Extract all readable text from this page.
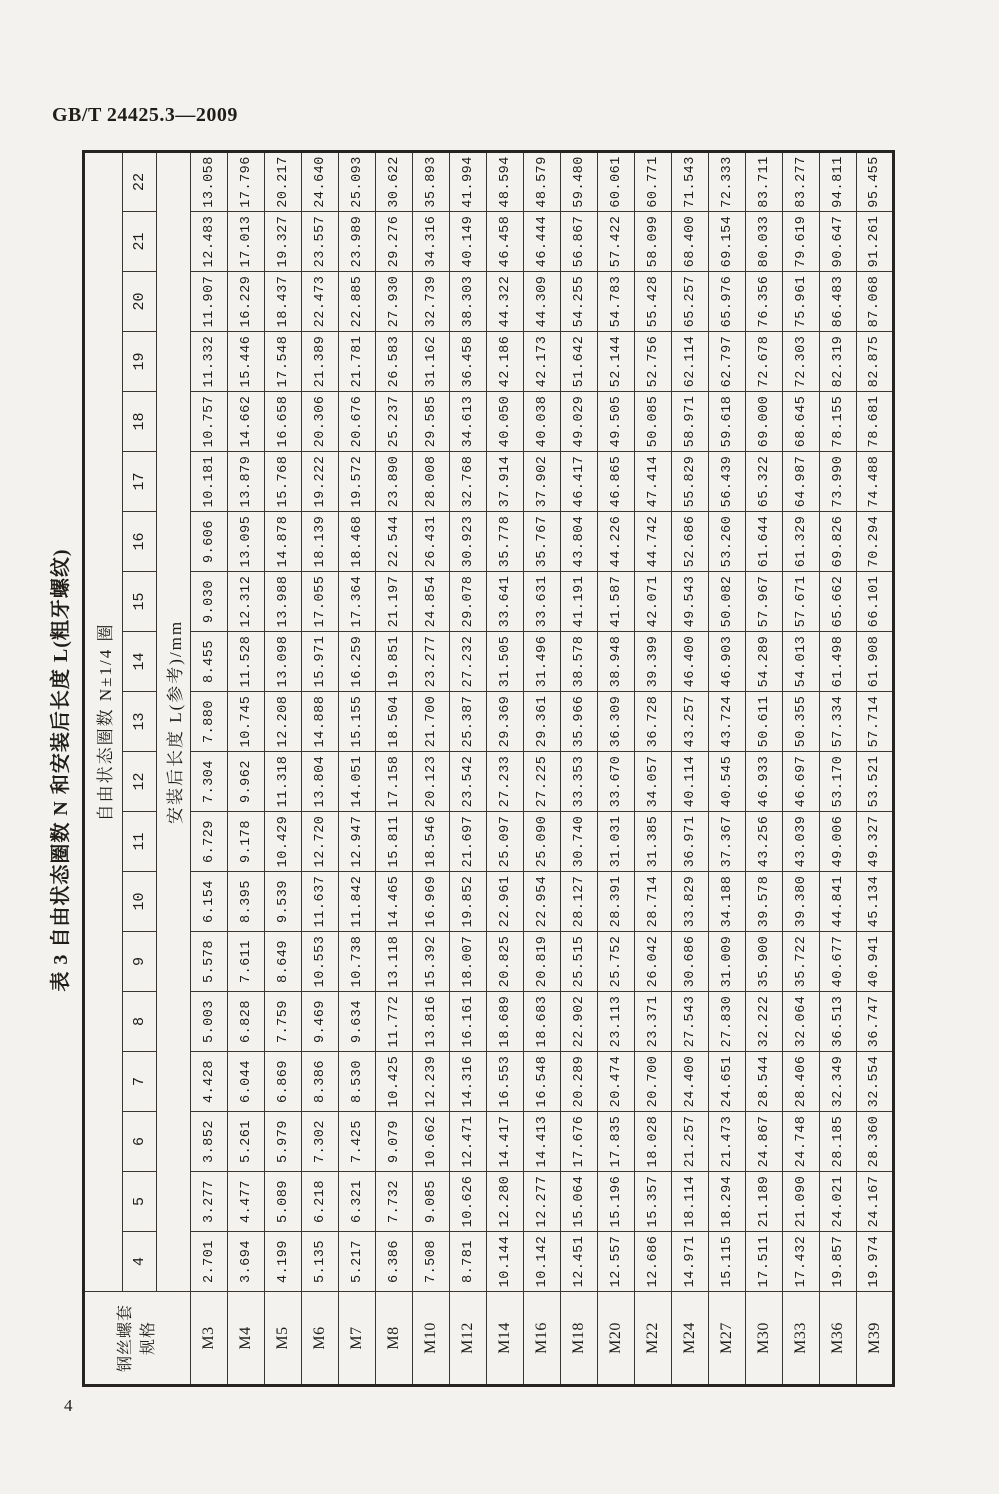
GB/T 24425.3—2009
表 3 自由状态圈数 N 和安装后长度 L(粗牙螺纹)
钢丝螺套 规格	自由状态圈数 N±1/4 圈																		
	4	5	6	7	8	9	10	11	12	13	14	15	16	17	18	19	20	21	22
	安装后长度 L(参考)/mm																		
M3	2.701	3.277	3.852	4.428	5.003	5.578	6.154	6.729	7.304	7.880	8.455	9.030	9.606	10.181	10.757	11.332	11.907	12.483	13.058
M4	3.694	4.477	5.261	6.044	6.828	7.611	8.395	9.178	9.962	10.745	11.528	12.312	13.095	13.879	14.662	15.446	16.229	17.013	17.796
M5	4.199	5.089	5.979	6.869	7.759	8.649	9.539	10.429	11.318	12.208	13.098	13.988	14.878	15.768	16.658	17.548	18.437	19.327	20.217
M6	5.135	6.218	7.302	8.386	9.469	10.553	11.637	12.720	13.804	14.888	15.971	17.055	18.139	19.222	20.306	21.389	22.473	23.557	24.640
M7	5.217	6.321	7.425	8.530	9.634	10.738	11.842	12.947	14.051	15.155	16.259	17.364	18.468	19.572	20.676	21.781	22.885	23.989	25.093
M8	6.386	7.732	9.079	10.425	11.772	13.118	14.465	15.811	17.158	18.504	19.851	21.197	22.544	23.890	25.237	26.583	27.930	29.276	30.622
M10	7.508	9.085	10.662	12.239	13.816	15.392	16.969	18.546	20.123	21.700	23.277	24.854	26.431	28.008	29.585	31.162	32.739	34.316	35.893
M12	8.781	10.626	12.471	14.316	16.161	18.007	19.852	21.697	23.542	25.387	27.232	29.078	30.923	32.768	34.613	36.458	38.303	40.149	41.994
M14	10.144	12.280	14.417	16.553	18.689	20.825	22.961	25.097	27.233	29.369	31.505	33.641	35.778	37.914	40.050	42.186	44.322	46.458	48.594
M16	10.142	12.277	14.413	16.548	18.683	20.819	22.954	25.090	27.225	29.361	31.496	33.631	35.767	37.902	40.038	42.173	44.309	46.444	48.579
M18	12.451	15.064	17.676	20.289	22.902	25.515	28.127	30.740	33.353	35.966	38.578	41.191	43.804	46.417	49.029	51.642	54.255	56.867	59.480
M20	12.557	15.196	17.835	20.474	23.113	25.752	28.391	31.031	33.670	36.309	38.948	41.587	44.226	46.865	49.505	52.144	54.783	57.422	60.061
M22	12.686	15.357	18.028	20.700	23.371	26.042	28.714	31.385	34.057	36.728	39.399	42.071	44.742	47.414	50.085	52.756	55.428	58.099	60.771
M24	14.971	18.114	21.257	24.400	27.543	30.686	33.829	36.971	40.114	43.257	46.400	49.543	52.686	55.829	58.971	62.114	65.257	68.400	71.543
M27	15.115	18.294	21.473	24.651	27.830	31.009	34.188	37.367	40.545	43.724	46.903	50.082	53.260	56.439	59.618	62.797	65.976	69.154	72.333
M30	17.511	21.189	24.867	28.544	32.222	35.900	39.578	43.256	46.933	50.611	54.289	57.967	61.644	65.322	69.000	72.678	76.356	80.033	83.711
M33	17.432	21.090	24.748	28.406	32.064	35.722	39.380	43.039	46.697	50.355	54.013	57.671	61.329	64.987	68.645	72.303	75.961	79.619	83.277
M36	19.857	24.021	28.185	32.349	36.513	40.677	44.841	49.006	53.170	57.334	61.498	65.662	69.826	73.990	78.155	82.319	86.483	90.647	94.811
M39	19.974	24.167	28.360	32.554	36.747	40.941	45.134	49.327	53.521	57.714	61.908	66.101	70.294	74.488	78.681	82.875	87.068	91.261	95.455
4
